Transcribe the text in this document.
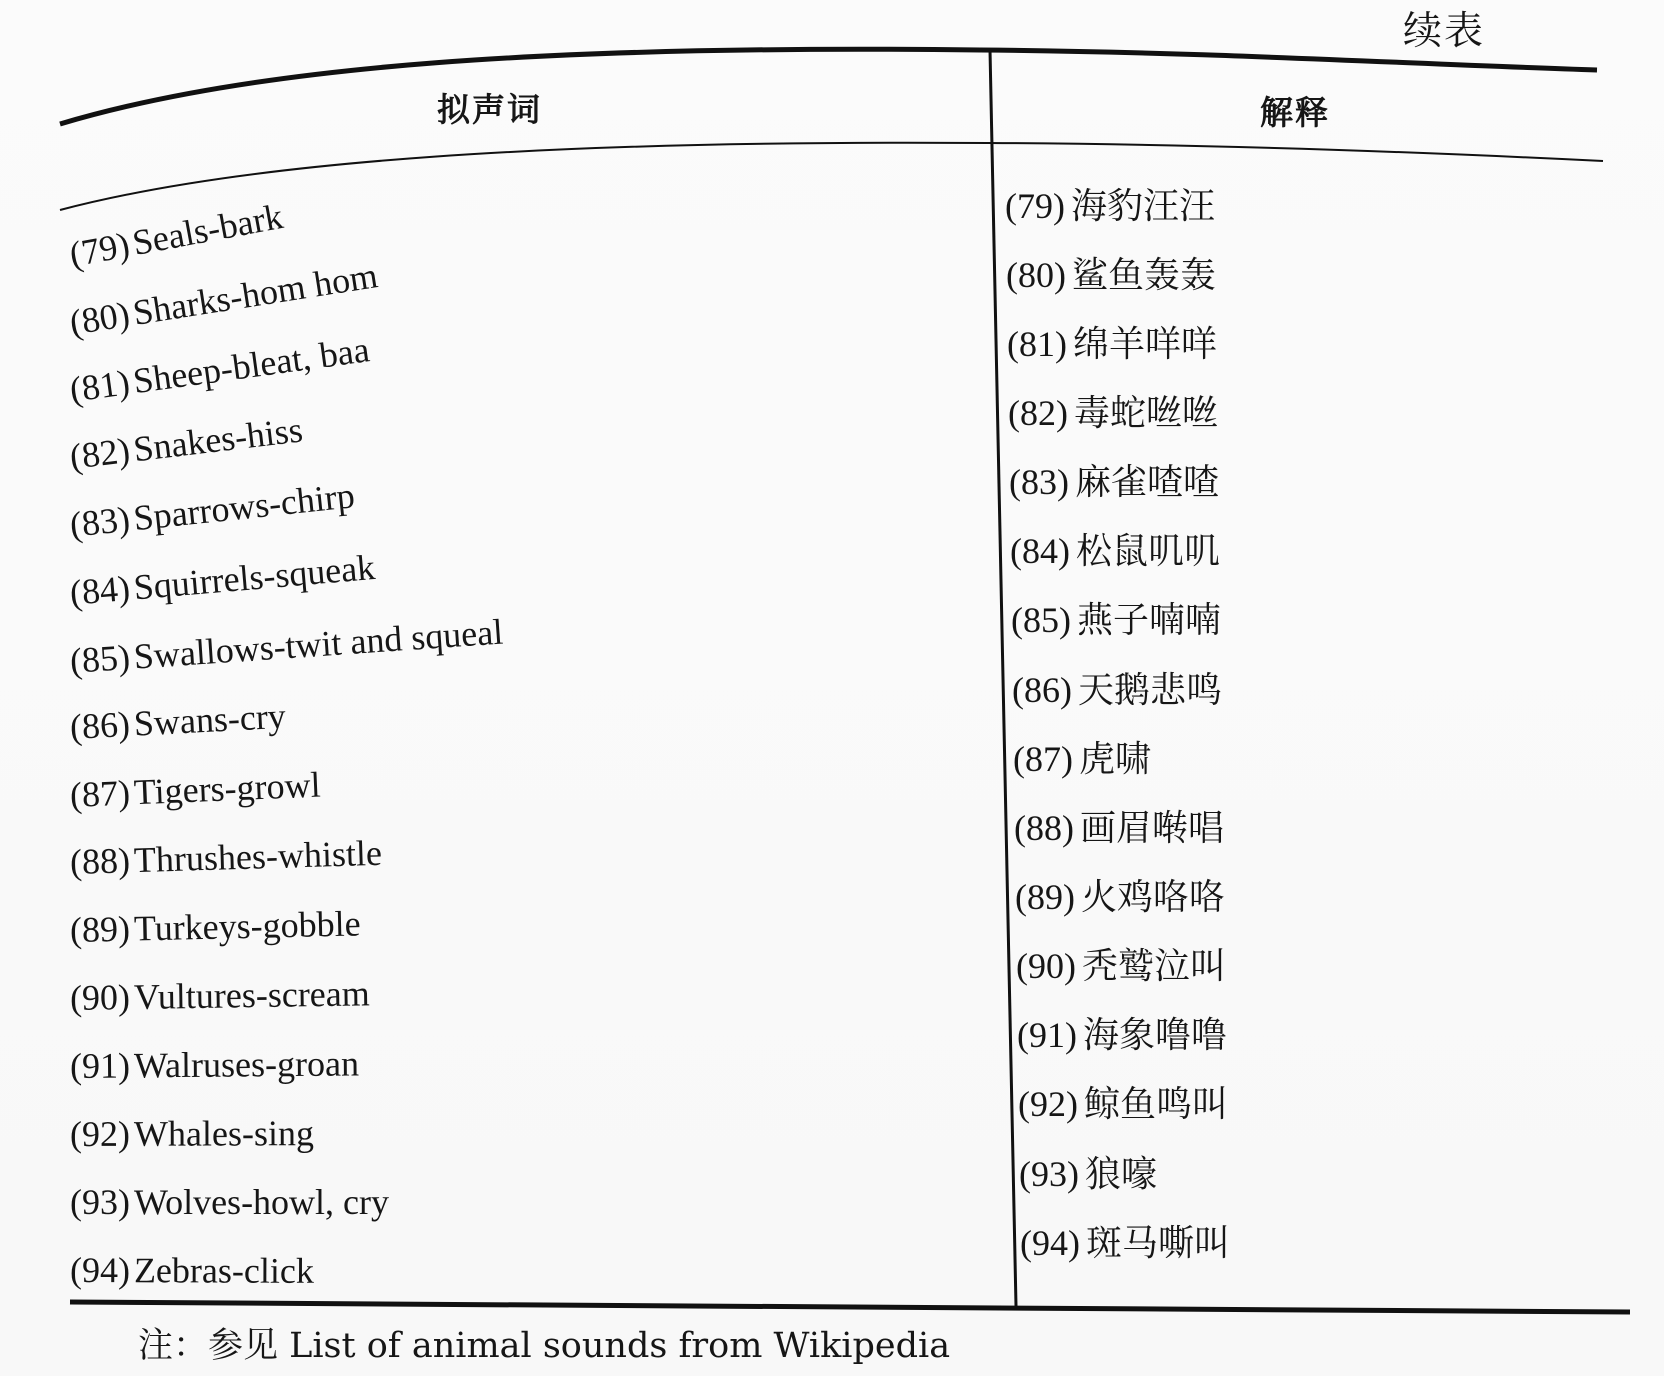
续表
拟声词	解释
(79)Seals-bark
(80)Sharks-hom hom
(81)Sheep-bleat, baa
(82)Snakes-hiss
(83)Sparrows-chirp
(84)Squirrels-squeak
(85)Swallows-twit and squeal
(86)Swans-cry
(87)Tigers-growl
(88)Thrushes-whistle
(89)Turkeys-gobble
(90)Vultures-scream
(91) Walruses-groan
(92) Whales-sing
(93) Wolves-howl, cry
(94) Zebras-click
(79) 海豹汪汪
(80) 鲨鱼轰轰
(81) 绵羊咩咩
(82) 毒蛇咝咝
(83) 麻雀喳喳
(84) 松鼠叽叽
(85) 燕子喃喃
(86) 天鹅悲鸣
(87) 虎啸
(88) 画眉啭唱
(89) 火鸡咯咯
(90) 秃鹫泣叫
(91) 海象噜噜
(92) 鲸鱼鸣叫
(93) 狼嚎
(94) 斑马嘶叫
注：参见 List of animal sounds from Wikipedia
